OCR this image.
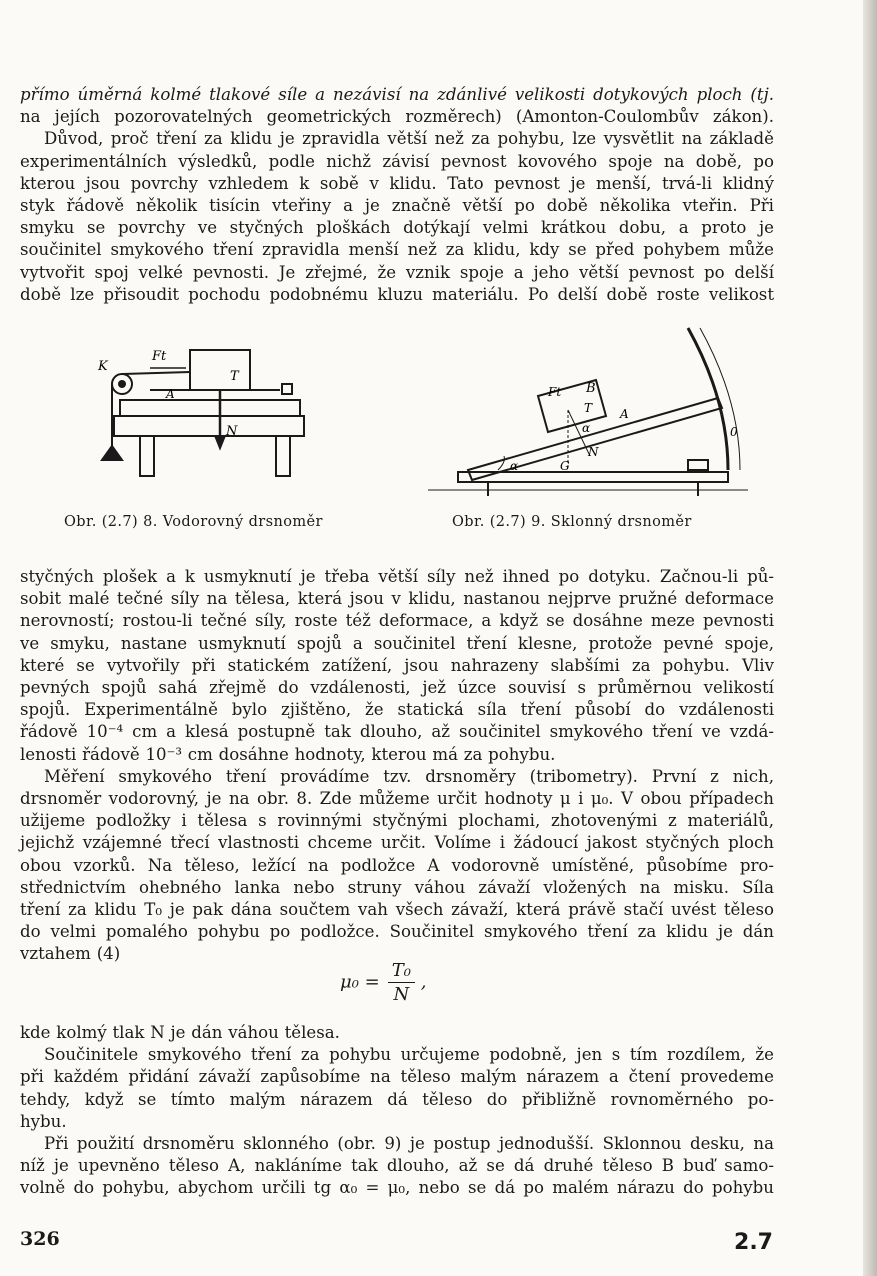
přímo úměrná kolmé tlakové síle a nezávisí na zdánlivé velikosti dotykových ploch (tj.
na jejích pozorovatelných geometrických rozměrech) (Amonton-Coulombův zákon).
Důvod, proč tření za klidu je zpravidla větší než za pohybu, lze vysvětlit na základě
experimentálních výsledků, podle nichž závisí pevnost kovového spoje na době, po
kterou jsou povrchy vzhledem k sobě v klidu. Tato pevnost je menší, trvá-li klidný
styk řádově několik tisícin vteřiny a je značně větší po době několika vteřin. Při
smyku se povrchy ve styčných ploškách dotýkají velmi krátkou dobu, a proto je
součinitel smykového tření zpravidla menší než za klidu, kdy se před pohybem může
vytvořit spoj velké pevnosti. Je zřejmé, že vznik spoje a jeho větší pevnost po delší
době lze přisoudit pochodu podobnému kluzu materiálu. Po delší době roste velikost
K
Ft
T
A
N
Obr. (2.7) 8. Vodorovný drsnoměr
B
Ft
T A
α
G
N
0
α
Obr. (2.7) 9. Sklonný drsnoměr
styčných plošek a k usmyknutí je třeba větší síly než ihned po dotyku. Začnou-li pů-
sobit malé tečné síly na tělesa, která jsou v klidu, nastanou nejprve pružné deformace
nerovností; rostou-li tečné síly, roste též deformace, a když se dosáhne meze pevnosti
ve smyku, nastane usmyknutí spojů a součinitel tření klesne, protože pevné spoje,
které se vytvořily při statickém zatížení, jsou nahrazeny slabšími za pohybu. Vliv
pevných spojů sahá zřejmě do vzdálenosti, jež úzce souvisí s průměrnou velikostí
spojů. Experimentálně bylo zjištěno, že statická síla tření působí do vzdálenosti
řádově 10⁻⁴ cm a klesá postupně tak dlouho, až součinitel smykového tření ve vzdá-
lenosti řádově 10⁻³ cm dosáhne hodnoty, kterou má za pohybu.
Měření smykového tření provádíme tzv. drsnoměry (tribometry). První z nich,
drsnoměr vodorovný, je na obr. 8. Zde můžeme určit hodnoty μ i μ₀. V obou případech
užijeme podložky i tělesa s rovinnými styčnými plochami, zhotovenými z materiálů,
jejichž vzájemné třecí vlastnosti chceme určit. Volíme i žádoucí jakost styčných ploch
obou vzorků. Na těleso, ležící na podložce A vodorovně umístěné, působíme pro-
střednictvím ohebného lanka nebo struny váhou závaží vložených na misku. Síla
tření za klidu T₀ je pak dána součtem vah všech závaží, která právě stačí uvést těleso
do velmi pomalého pohybu po podložce. Součinitel smykového tření za klidu je dán
vztahem (4)
$\mu_0 = \frac{\text{T₀}}{N}$ ,
kde kolmý tlak N je dán váhou tělesa.
Součinitele smykového tření za pohybu určujeme podobně, jen s tím rozdílem, že
při každém přidání závaží zapůsobíme na těleso malým nárazem a čtení provedeme
tehdy, když se tímto malým nárazem dá těleso do přibližně rovnoměrného po-
hybu.
Při použití drsnoměru sklonného (obr. 9) je postup jednodušší. Sklonnou desku, na
níž je upevněno těleso A, nakláníme tak dlouho, až se dá druhé těleso B buď samo-
volně do pohybu, abychom určili tg α₀ = μ₀, nebo se dá po malém nárazu do pohybu
326	2.7
